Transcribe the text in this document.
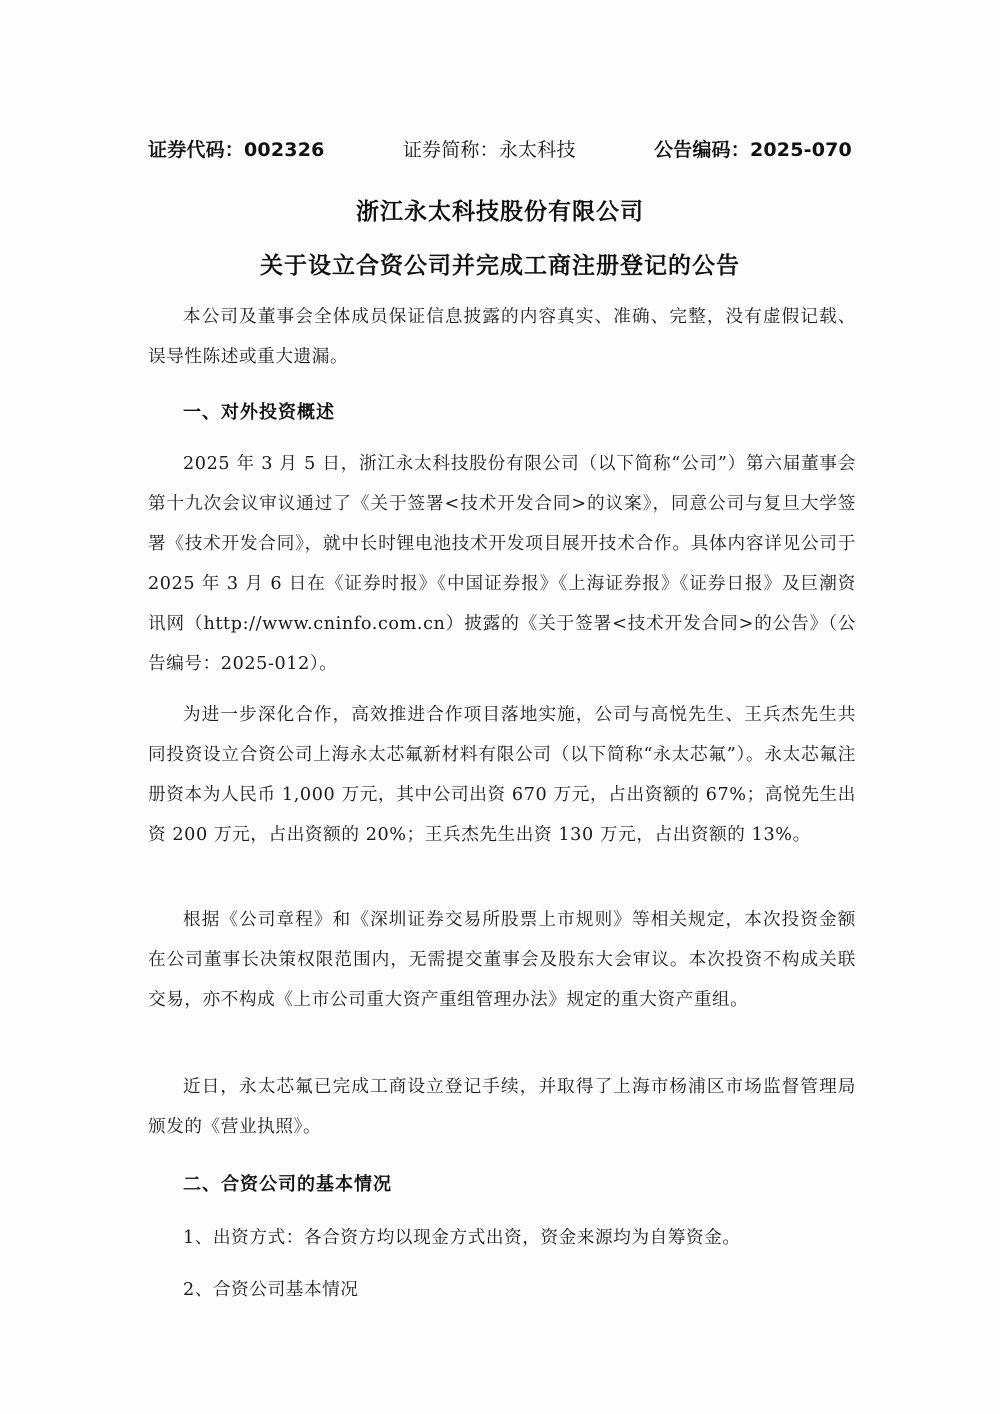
证券代码：002326	证券简称：永太科技	公告编码：2025-070
浙江永太科技股份有限公司
关于设立合资公司并完成工商注册登记的公告

本公司及董事会全体成员保证信息披露的内容真实、准确、完整，没有虚假记载、误导性陈述或重大遗漏。

一、对外投资概述

2025 年 3 月 5 日，浙江永太科技股份有限公司（以下简称“公司”）第六届董事会第十九次会议审议通过了《关于签署<技术开发合同>的议案》，同意公司与复旦大学签署《技术开发合同》，就中长时锂电池技术开发项目展开技术合作。具体内容详见公司于 2025 年 3 月 6 日在《证券时报》《中国证券报》《上海证券报》《证券日报》及巨潮资讯网（http://www.cninfo.com.cn）披露的《关于签署<技术开发合同>的公告》（公告编号：2025-012）。

为进一步深化合作，高效推进合作项目落地实施，公司与高悦先生、王兵杰先生共同投资设立合资公司上海永太芯氟新材料有限公司（以下简称“永太芯氟”）。永太芯氟注册资本为人民币 1,000 万元，其中公司出资 670 万元，占出资额的 67%；高悦先生出资 200 万元，占出资额的 20%；王兵杰先生出资 130 万元，占出资额的 13%。

根据《公司章程》和《深圳证券交易所股票上市规则》等相关规定，本次投资金额在公司董事长决策权限范围内，无需提交董事会及股东大会审议。本次投资不构成关联交易，亦不构成《上市公司重大资产重组管理办法》规定的重大资产重组。

近日，永太芯氟已完成工商设立登记手续，并取得了上海市杨浦区市场监督管理局颁发的《营业执照》。

二、合资公司的基本情况
1、出资方式：各合资方均以现金方式出资，资金来源均为自筹资金。
2、合资公司基本情况
